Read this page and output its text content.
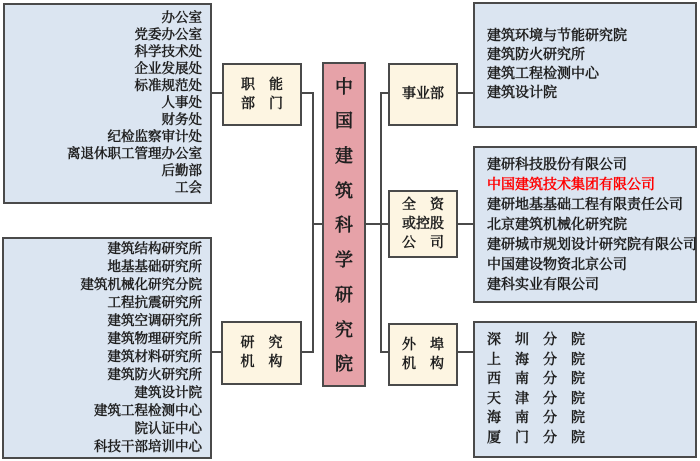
办公室
党委办公室
科学技术处
企业发展处
标准规范处
人事处
财务处
纪检监察审计处
离退休职工管理办公室
后勤部
工会
建筑结构研究所
地基基础研究所
建筑机械化研究分院
工程抗震研究所
建筑空调研究所
建筑物理研究所
建筑材料研究所
建筑防火研究所
建筑设计院
建筑工程检测中心
院认证中心
科技干部培训中心
职　能
部　门
研　究
机　构
中
国
建
筑
科
学
研
究
院
事业部
全　资
或控股
公　司
外　埠
机　构
建筑环境与节能研究院
建筑防火研究所
建筑工程检测中心
建筑设计院
建研科技股份有限公司
中国建筑技术集团有限公司
建研地基基础工程有限责任公司
北京建筑机械化研究院
建研城市规划设计研究院有限公司
中国建设物资北京公司
建科实业有限公司
深　圳　分　院
上　海　分　院
西　南　分　院
天　津　分　院
海　南　分　院
厦　门　分　院
